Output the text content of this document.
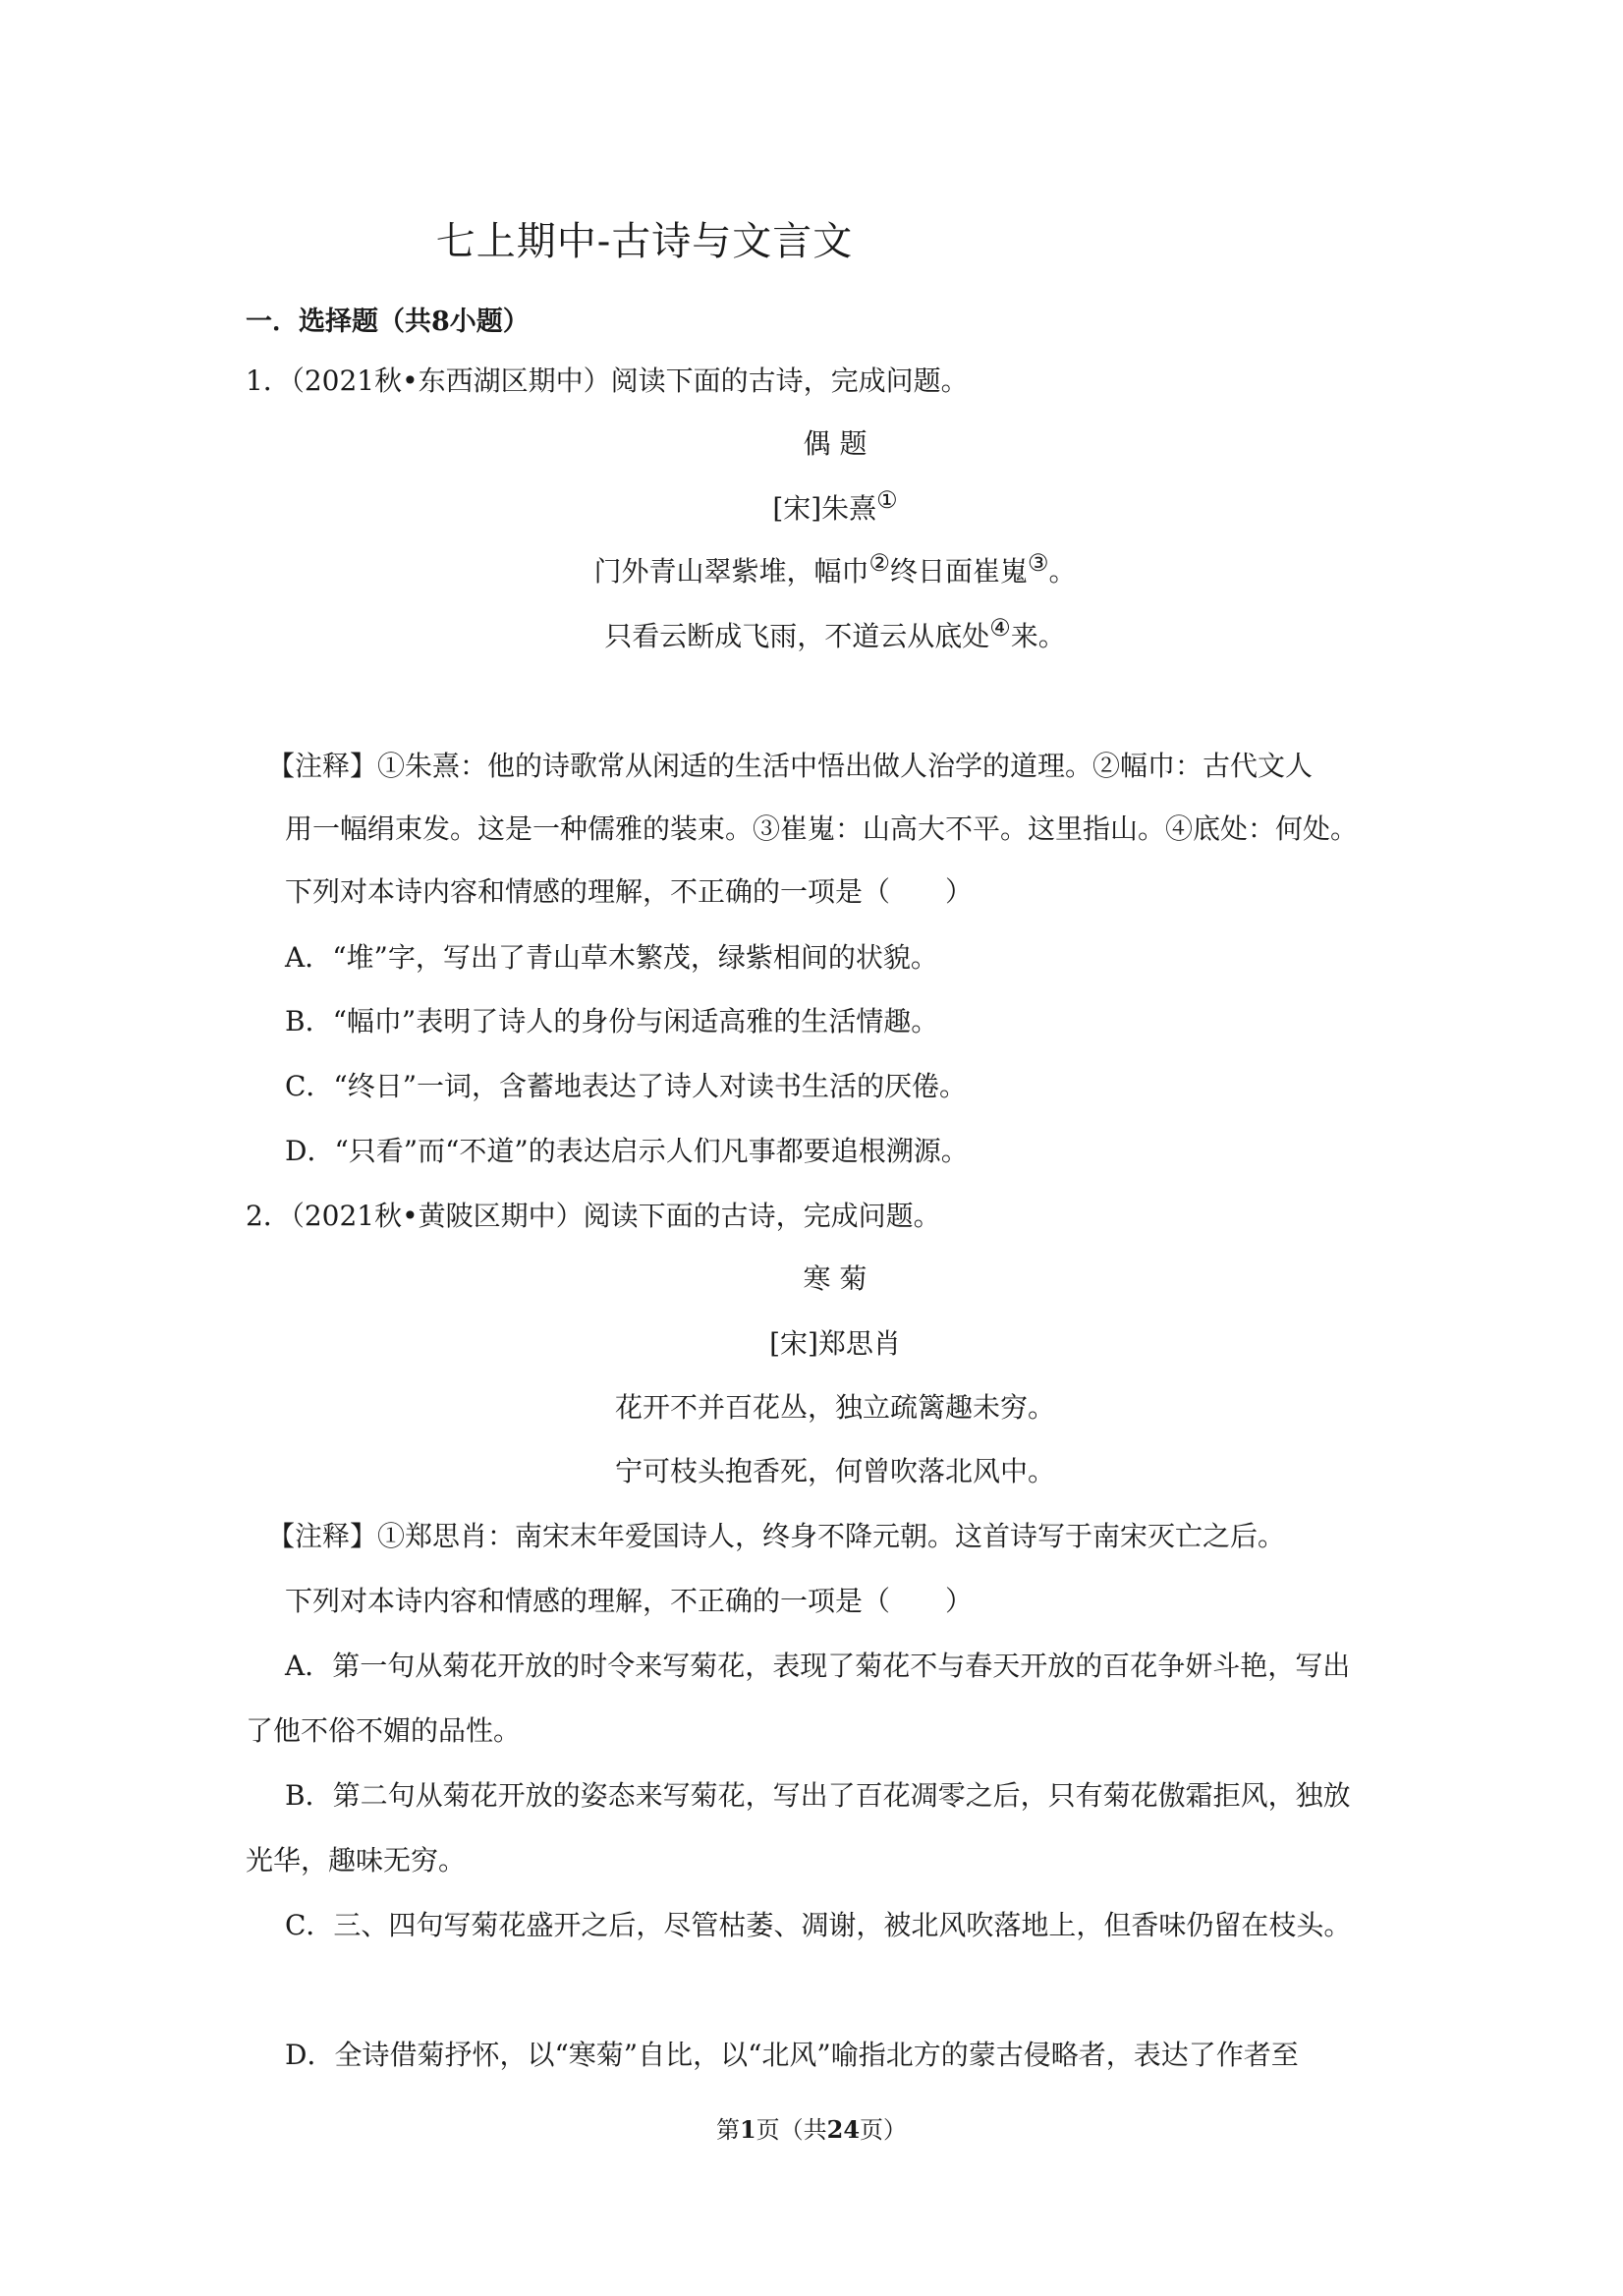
七上期中-古诗与文言文
一．选择题（共8小题）
1．（2021秋•东西湖区期中）阅读下面的古诗，完成问题。
偶 题
[宋]朱熹①
门外青山翠紫堆，幅巾②终日面崔嵬③。
只看云断成飞雨，不道云从底处④来。
【注释】①朱熹：他的诗歌常从闲适的生活中悟出做人治学的道理。②幅巾：古代文人
用一幅绢束发。这是一种儒雅的装束。③崔嵬：山高大不平。这里指山。④底处：何处。
下列对本诗内容和情感的理解，不正确的一项是（　　）
A．“堆”字，写出了青山草木繁茂，绿紫相间的状貌。
B．“幅巾”表明了诗人的身份与闲适高雅的生活情趣。
C．“终日”一词，含蓄地表达了诗人对读书生活的厌倦。
D．“只看”而“不道”的表达启示人们凡事都要追根溯源。
2．（2021秋•黄陂区期中）阅读下面的古诗，完成问题。
寒 菊
[宋]郑思肖
花开不并百花丛，独立疏篱趣未穷。
宁可枝头抱香死，何曾吹落北风中。
【注释】①郑思肖：南宋末年爱国诗人，终身不降元朝。这首诗写于南宋灭亡之后。
下列对本诗内容和情感的理解，不正确的一项是（　　）
A．第一句从菊花开放的时令来写菊花，表现了菊花不与春天开放的百花争妍斗艳，写出
了他不俗不媚的品性。
B．第二句从菊花开放的姿态来写菊花，写出了百花凋零之后，只有菊花傲霜拒风，独放
光华，趣味无穷。
C．三、四句写菊花盛开之后，尽管枯萎、凋谢，被北风吹落地上，但香味仍留在枝头。
D．全诗借菊抒怀，以“寒菊”自比，以“北风”喻指北方的蒙古侵略者，表达了作者至
第1页（共24页）
